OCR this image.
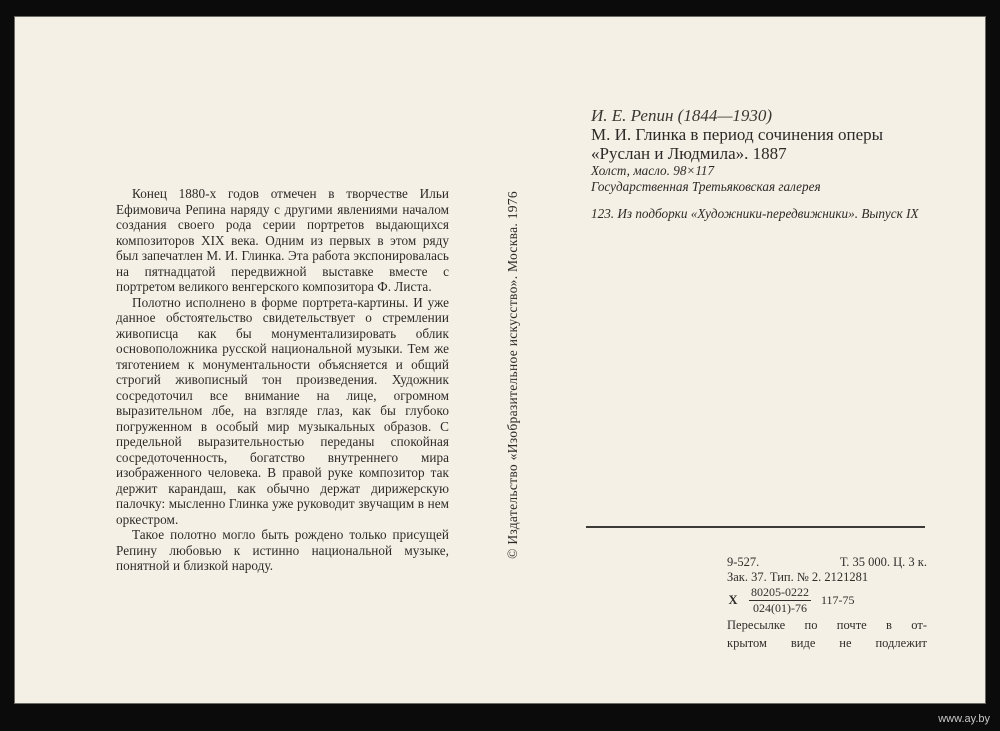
Конец 1880-х годов отмечен в творчестве Ильи Ефимовича Репина наряду с другими явлениями началом создания своего рода серии портретов выдающихся композиторов XIX века. Одним из первых в этом ряду был запечатлен М. И. Глинка. Эта работа экспонировалась на пятнадцатой передвижной выставке вместе с портретом великого венгерского композитора Ф. Листа.

Полотно исполнено в форме портрета-картины. И уже данное обстоятельство свидетельствует о стремлении живописца как бы монументализировать облик основоположника русской национальной музыки. Тем же тяготением к монументальности объясняется и общий строгий живописный тон произведения. Художник сосредоточил все внимание на лице, огромном выразительном лбе, на взгляде глаз, как бы глубоко погруженном в особый мир музыкальных образов. С предельной выразительностью переданы спокойная сосредоточенность, богатство внутреннего мира изображенного человека. В правой руке композитор так держит карандаш, как обычно держат дирижерскую палочку: мысленно Глинка уже руководит звучащим в нем оркестром.

Такое полотно могло быть рождено только присущей Репину любовью к истинно национальной музыке, понятной и близкой народу.

© Издательство «Изобразительное искусство». Москва. 1976
И. Е. Репин (1844—1930)
М. И. Глинка в период сочинения оперы «Руслан и Людмила». 1887
Холст, масло. 98×117
Государственная Третьяковская галерея
123. Из подборки «Художники-передвижники». Выпуск IX
9-527.	Т. 35 000. Ц. 3 к.
Зак. 37. Тип. № 2. 2121281
Х $\frac{80205-0222}{024(01)-76} 117-75$
Пересылке по почте в от-
крытом виде не подлежит
www.ay.by
